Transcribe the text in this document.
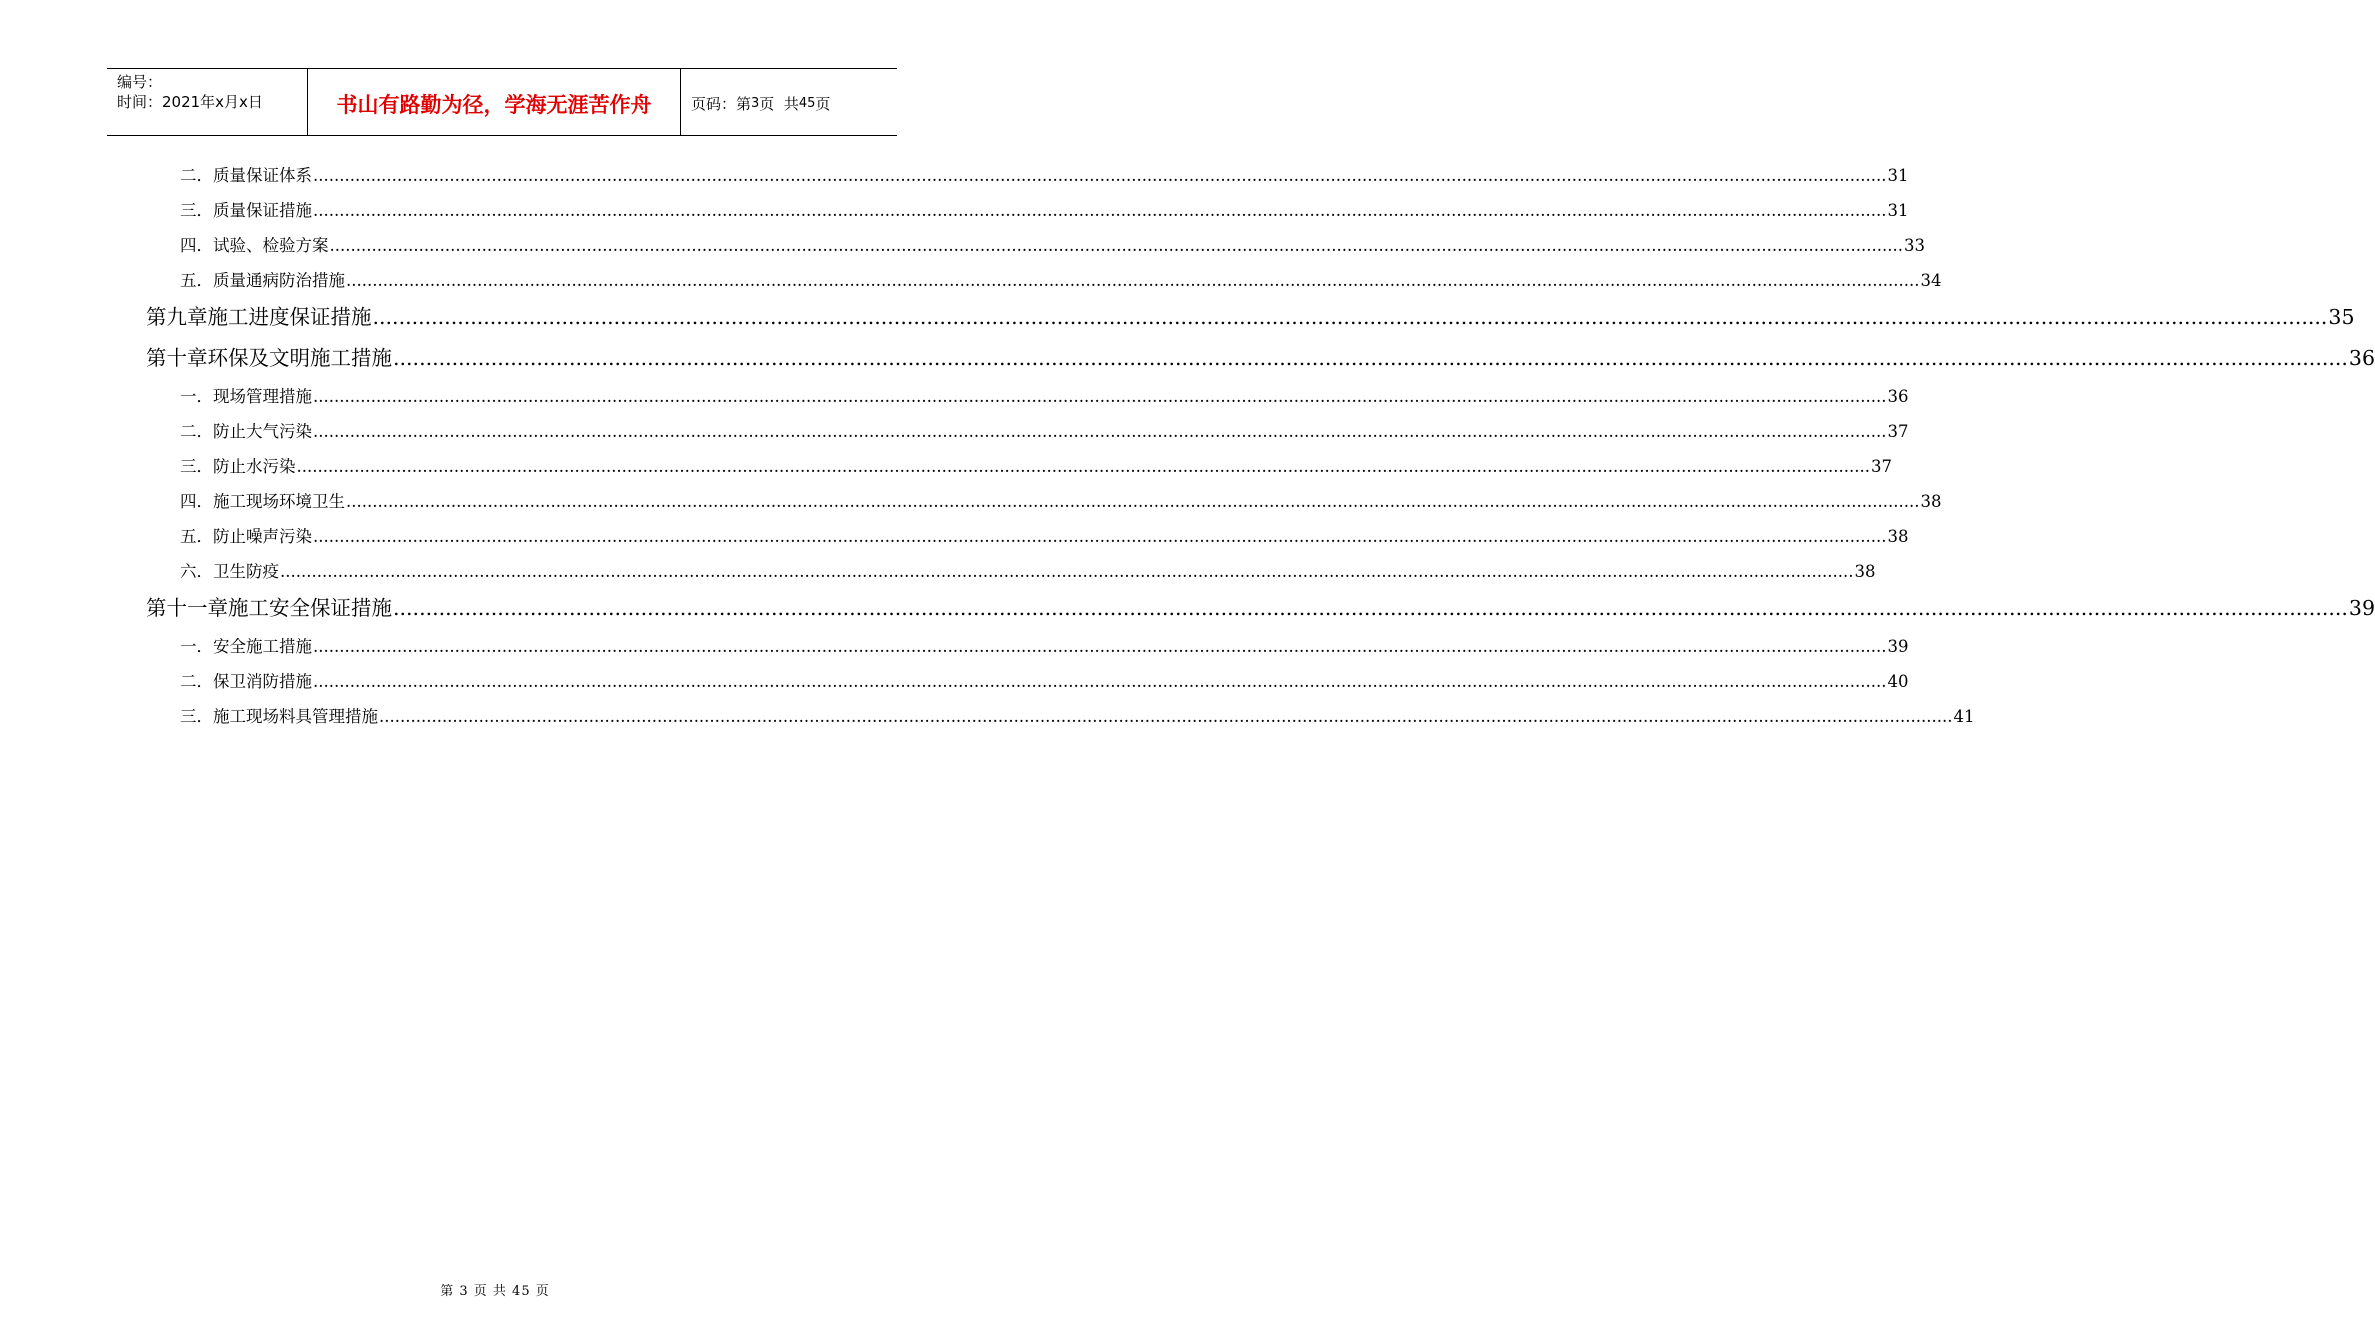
编号：
时间：2021年x月x日	书山有路勤为径，学海无涯苦作舟	页码：第 3 页  共 45 页
二． 质量保证体系 ............................................................................................................................................................................................................................................................................................................ 31
三． 质量保证措施 ............................................................................................................................................................................................................................................................................................................ 31
四． 试验、检验方案 ............................................................................................................................................................................................................................................................................................................ 33
五． 质量通病防治措施 ............................................................................................................................................................................................................................................................................................................ 34
第九章 施工进度保证措施 ............................................................................................................................................................................................................................................................................................................ 35
第十章 环保及文明施工措施 ............................................................................................................................................................................................................................................................................................................ 36
一． 现场管理措施 ............................................................................................................................................................................................................................................................................................................ 36
二． 防止大气污染 ............................................................................................................................................................................................................................................................................................................ 37
三． 防止水污染 ............................................................................................................................................................................................................................................................................................................ 37
四． 施工现场环境卫生 ............................................................................................................................................................................................................................................................................................................ 38
五． 防止噪声污染 ............................................................................................................................................................................................................................................................................................................ 38
六． 卫生防疫 ............................................................................................................................................................................................................................................................................................................ 38
第十一章 施工安全保证措施 ............................................................................................................................................................................................................................................................................................................ 39
一． 安全施工措施 ............................................................................................................................................................................................................................................................................................................ 39
二． 保卫消防措施 ............................................................................................................................................................................................................................................................................................................ 40
三． 施工现场料具管理措施 ............................................................................................................................................................................................................................................................................................................ 41
第 3 页 共 45 页
